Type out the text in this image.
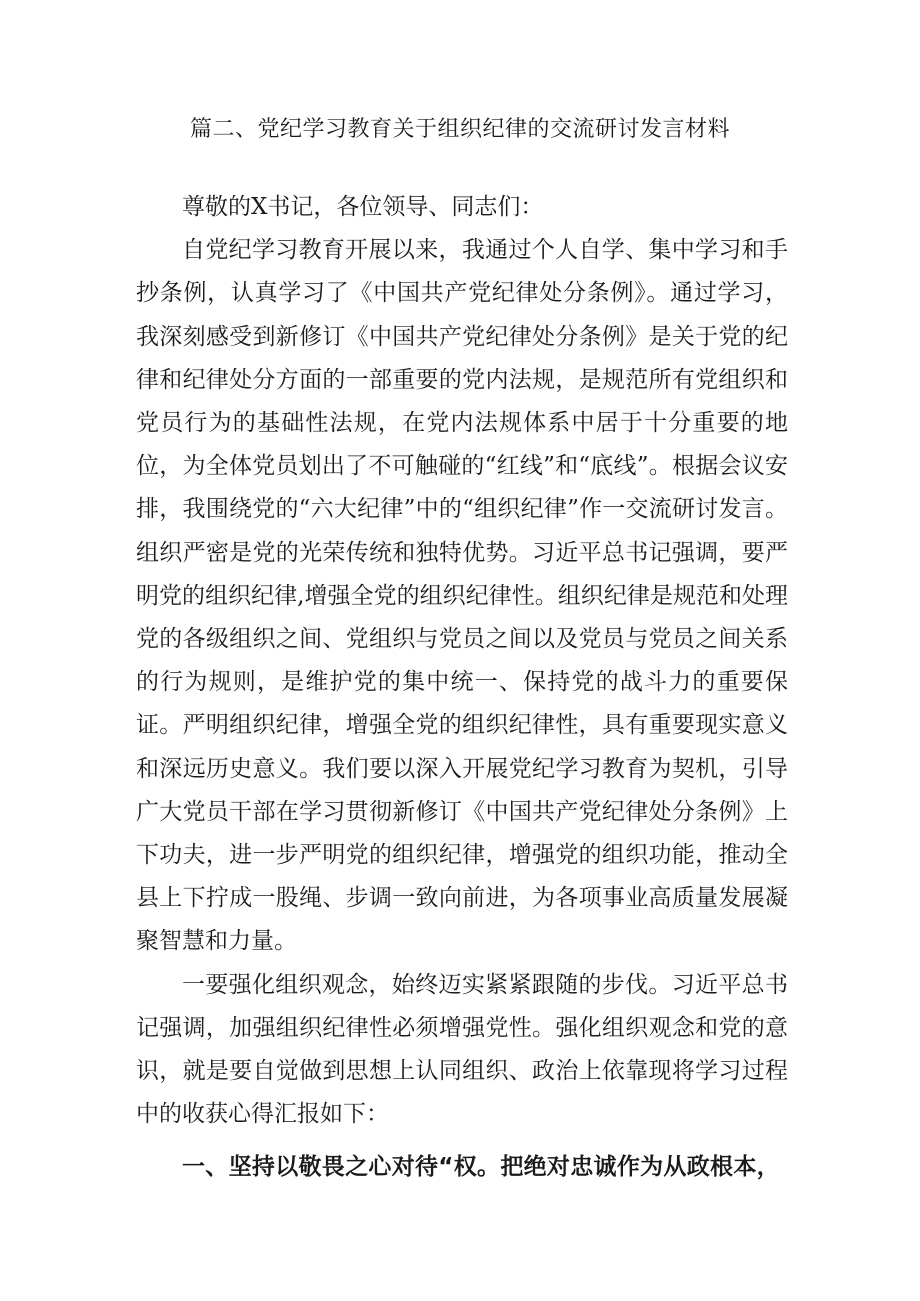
篇二、党纪学习教育关于组织纪律的交流研讨发言材料

尊敬的X书记，各位领导、同志们：

自党纪学习教育开展以来，我通过个人自学、集中学习和手抄条例，认真学习了《中国共产党纪律处分条例》。通过学习，我深刻感受到新修订《中国共产党纪律处分条例》是关于党的纪律和纪律处分方面的一部重要的党内法规，是规范所有党组织和党员行为的基础性法规，在党内法规体系中居于十分重要的地位，为全体党员划出了不可触碰的“红线”和“底线”。根据会议安排，我围绕党的“六大纪律”中的“组织纪律”作一交流研讨发言。组织严密是党的光荣传统和独特优势。习近平总书记强调，要严明党的组织纪律,增强全党的组织纪律性。组织纪律是规范和处理党的各级组织之间、党组织与党员之间以及党员与党员之间关系的行为规则，是维护党的集中统一、保持党的战斗力的重要保证。严明组织纪律，增强全党的组织纪律性，具有重要现实意义和深远历史意义。我们要以深入开展党纪学习教育为契机，引导广大党员干部在学习贯彻新修订《中国共产党纪律处分条例》上下功夫，进一步严明党的组织纪律，增强党的组织功能，推动全县上下拧成一股绳、步调一致向前进，为各项事业高质量发展凝聚智慧和力量。

一要强化组织观念，始终迈实紧紧跟随的步伐。习近平总书记强调，加强组织纪律性必须增强党性。强化组织观念和党的意识，就是要自觉做到思想上认同组织、政治上依靠现将学习过程中的收获心得汇报如下：

一、坚持以敬畏之心对待“权。把绝对忠诚作为从政根本，
